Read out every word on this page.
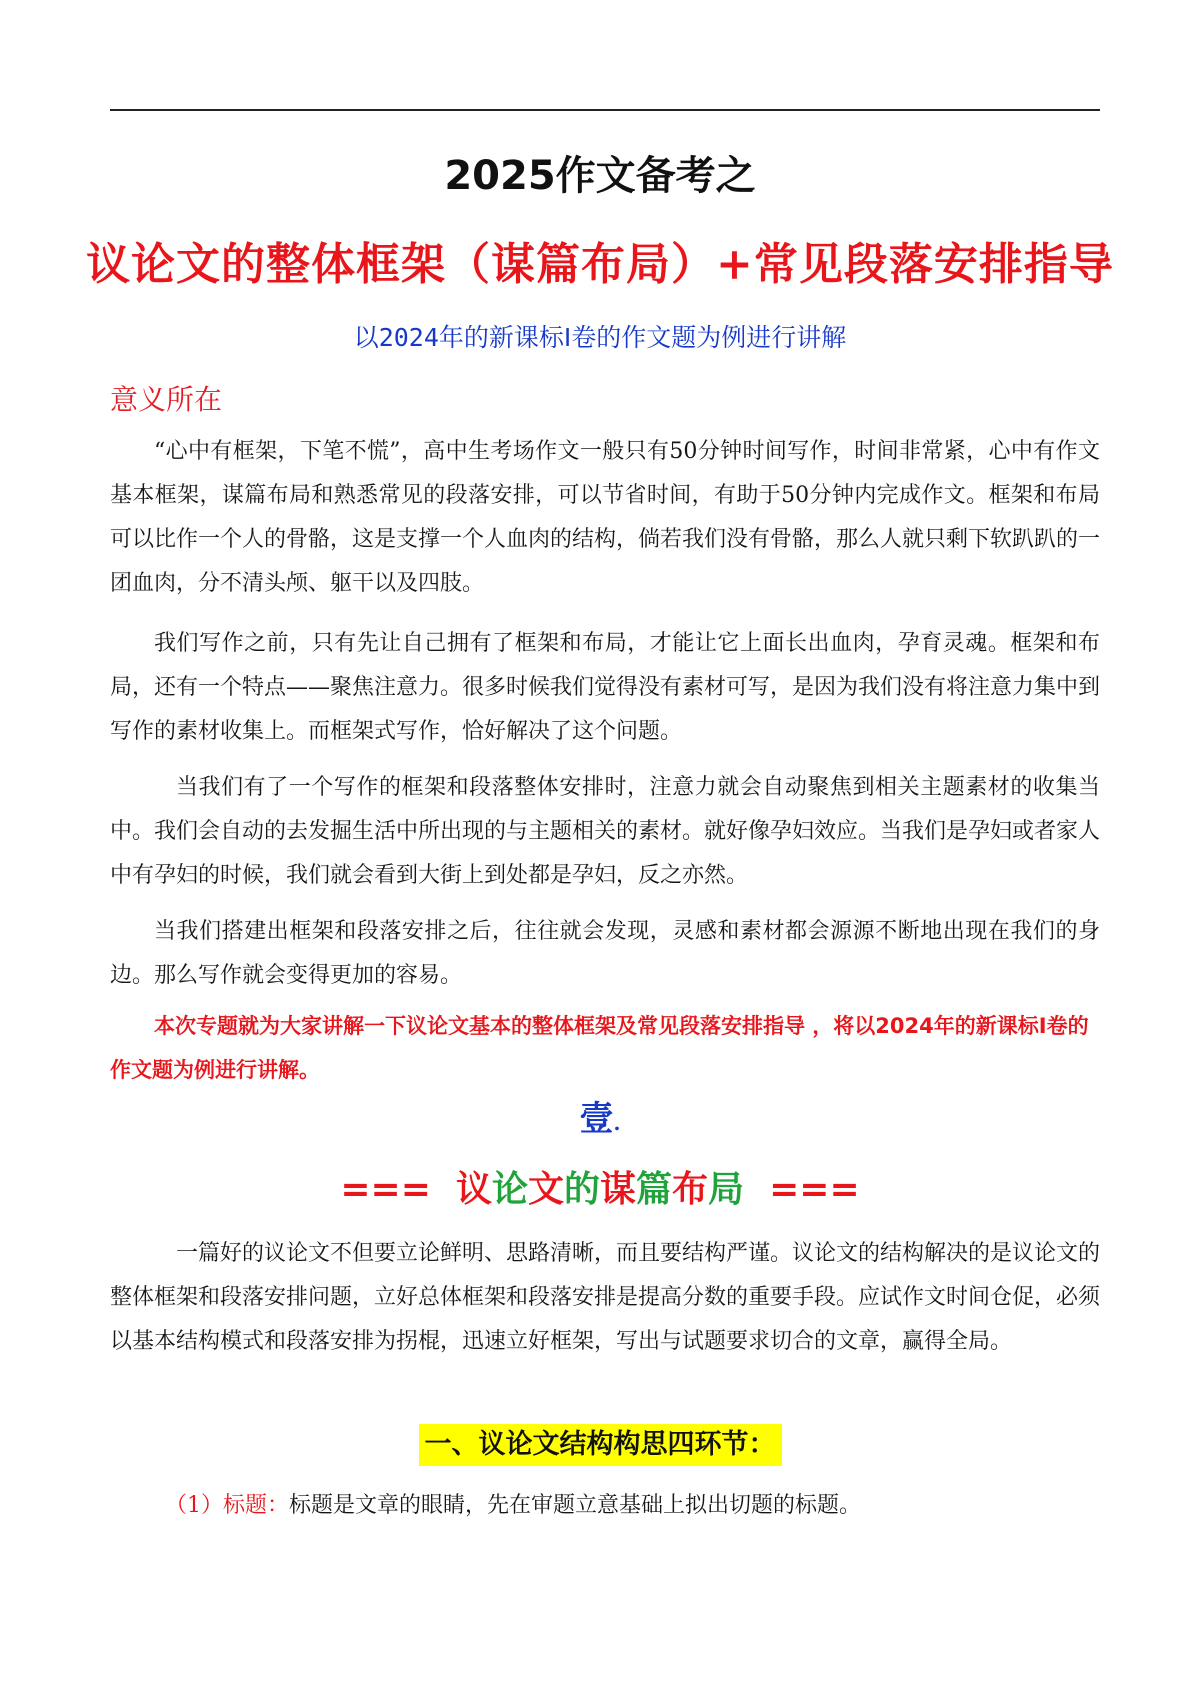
2025作文备考之
议论文的整体框架（谋篇布局）+常见段落安排指导
以2024年的新课标Ⅰ卷的作文题为例进行讲解
意义所在

“心中有框架，下笔不慌”，高中生考场作文一般只有50分钟时间写作，时间非常紧，心中有作文基本框架，谋篇布局和熟悉常见的段落安排，可以节省时间，有助于50分钟内完成作文。框架和布局可以比作一个人的骨骼，这是支撑一个人血肉的结构，倘若我们没有骨骼，那么人就只剩下软趴趴的一团血肉，分不清头颅、躯干以及四肢。

我们写作之前，只有先让自己拥有了框架和布局，才能让它上面长出血肉，孕育灵魂。框架和布局，还有一个特点——聚焦注意力。很多时候我们觉得没有素材可写，是因为我们没有将注意力集中到写作的素材收集上。而框架式写作，恰好解决了这个问题。

当我们有了一个写作的框架和段落整体安排时，注意力就会自动聚焦到相关主题素材的收集当中。我们会自动的去发掘生活中所出现的与主题相关的素材。就好像孕妇效应。当我们是孕妇或者家人中有孕妇的时候，我们就会看到大街上到处都是孕妇，反之亦然。

当我们搭建出框架和段落安排之后，往往就会发现，灵感和素材都会源源不断地出现在我们的身边。那么写作就会变得更加的容易。

本次专题就为大家讲解一下议论文基本的整体框架及常见段落安排指导 ，将以2024年的新课标Ⅰ卷的作文题为例进行讲解。

壹.
=== 议论文的谋篇布局 ===

一篇好的议论文不但要立论鲜明、思路清晰，而且要结构严谨。议论文的结构解决的是议论文的整体框架和段落安排问题，立好总体框架和段落安排是提高分数的重要手段。应试作文时间仓促，必须以基本结构模式和段落安排为拐棍，迅速立好框架，写出与试题要求切合的文章，赢得全局。

一、议论文结构构思四环节：
（1）标题：标题是文章的眼睛，先在审题立意基础上拟出切题的标题。
